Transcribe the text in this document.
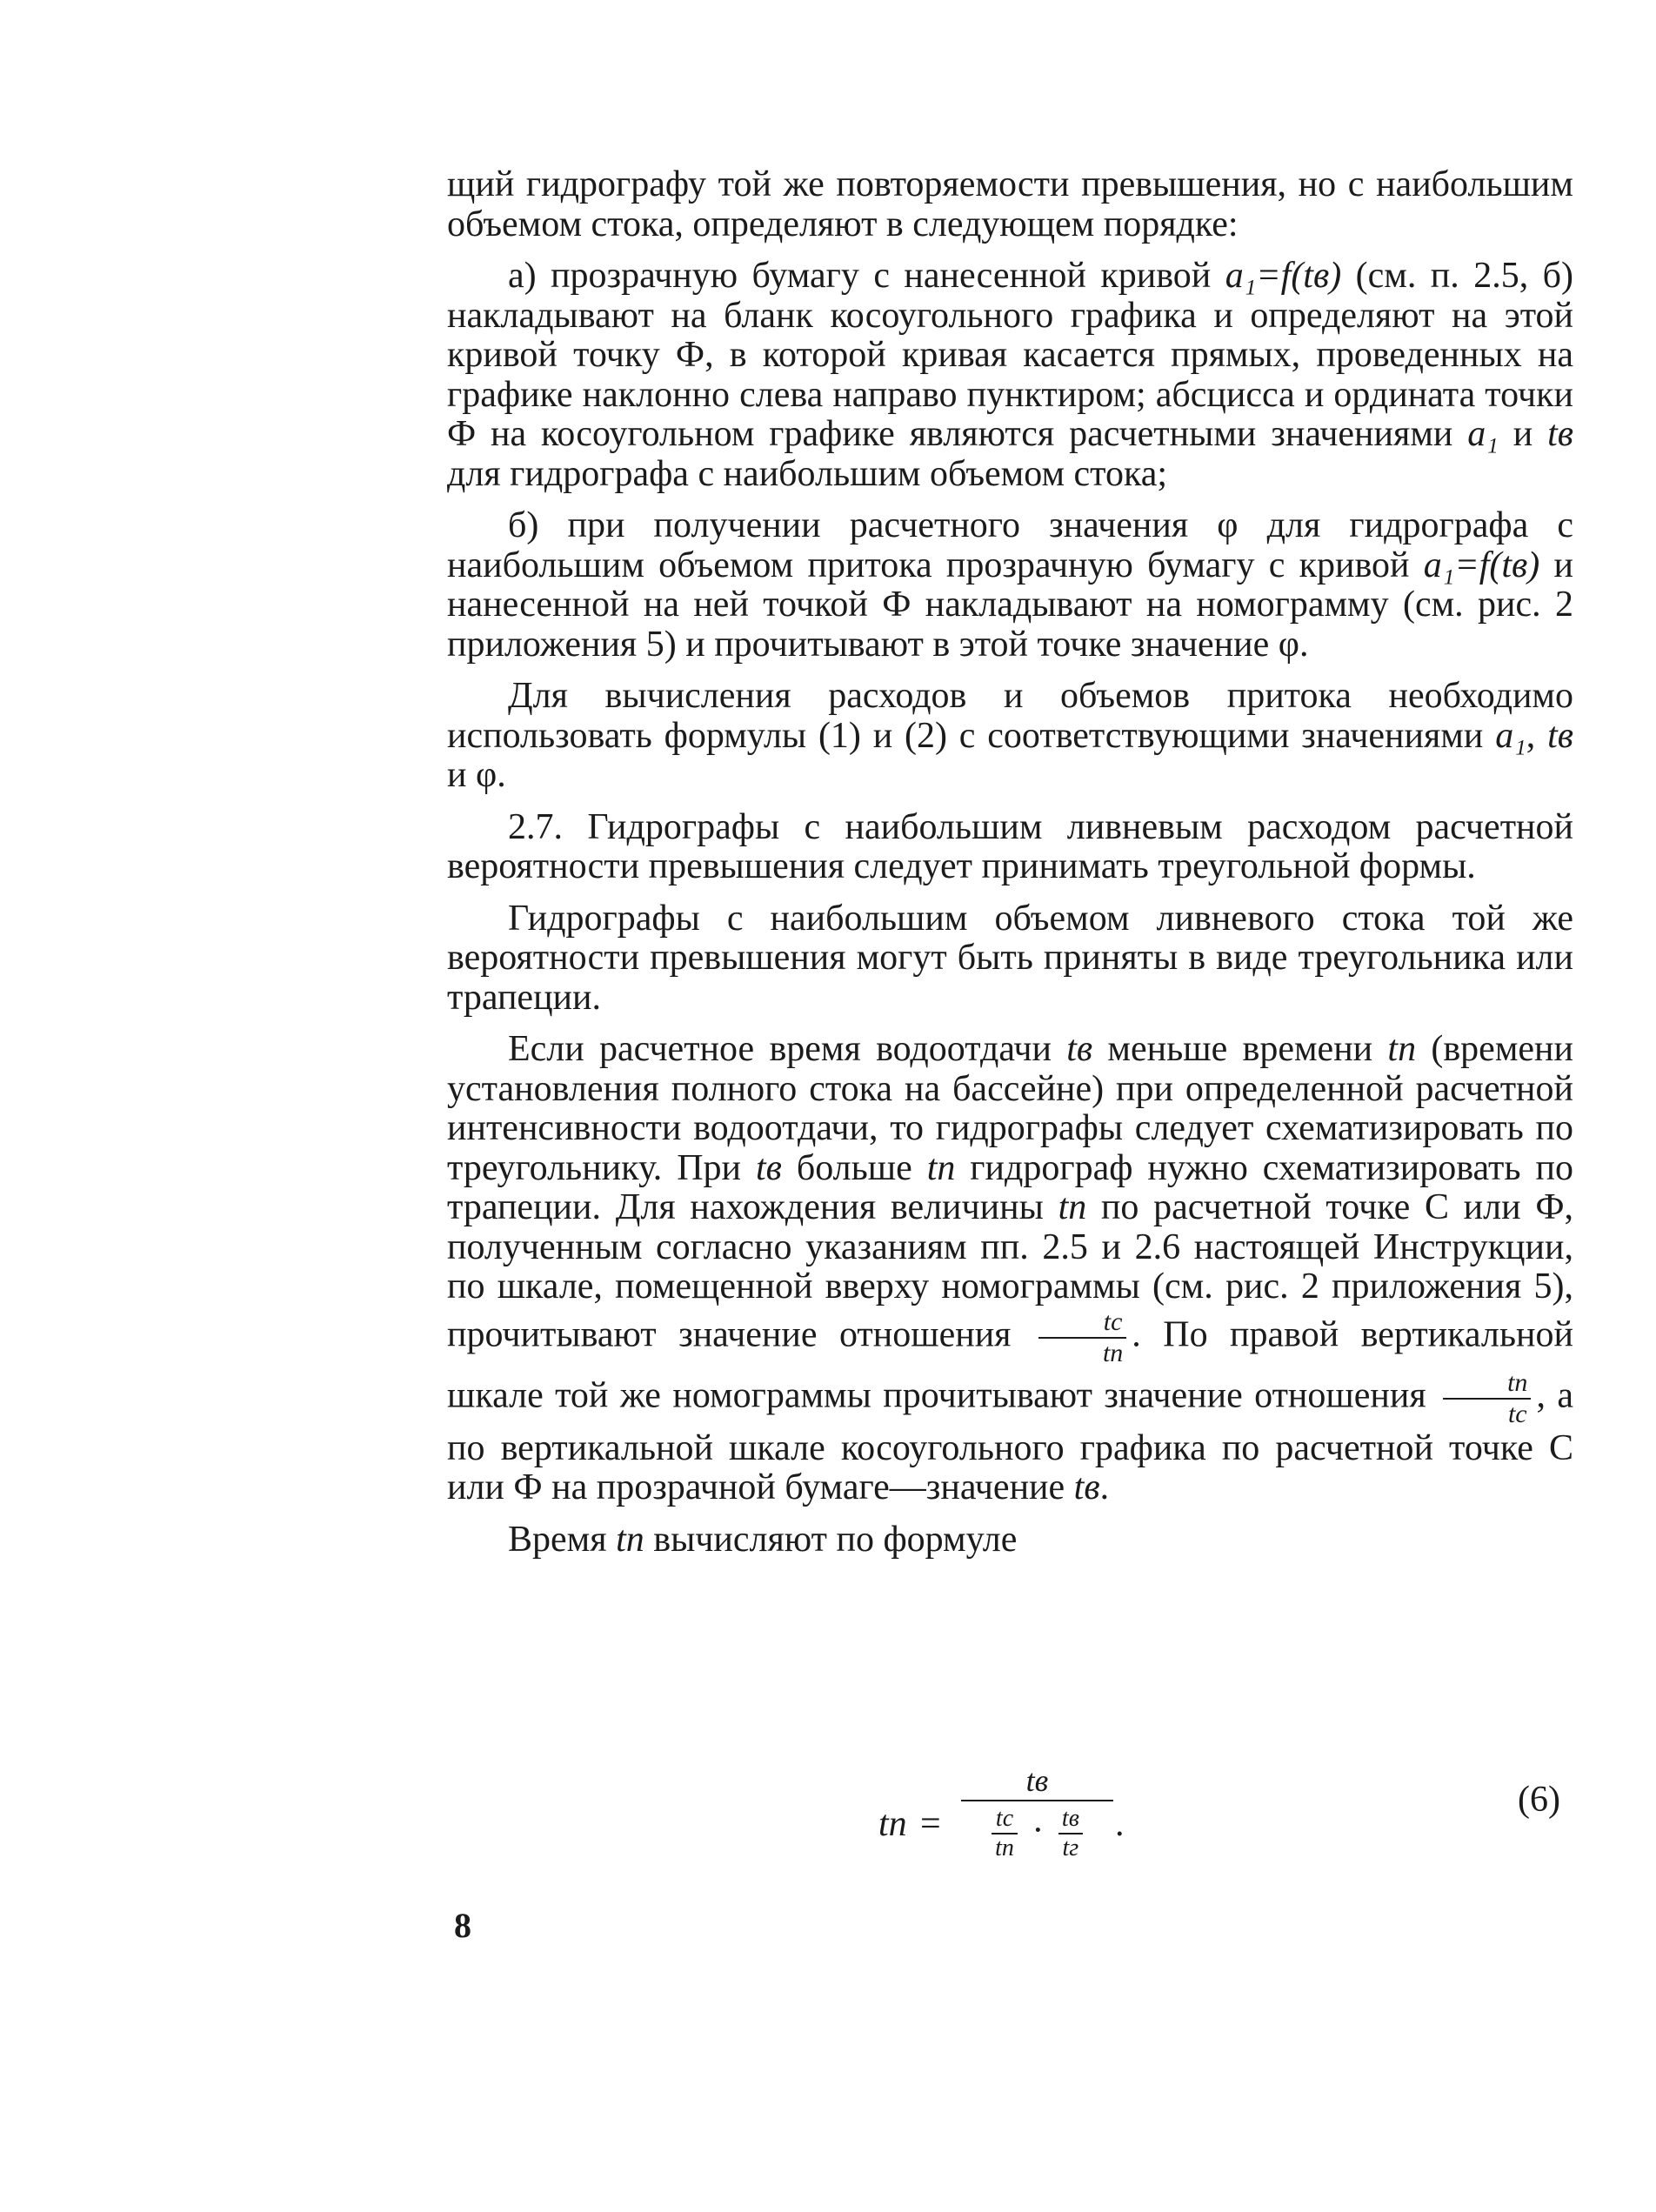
щий гидрографу той же повторяемости превышения, но с наибольшим объемом стока, определяют в следующем порядке:

а) прозрачную бумагу с нанесенной кривой a₁=f(tв) (см. п. 2.5, б) накладывают на бланк косоугольного графика и определяют на этой кривой точку Ф, в которой кривая касается прямых, проведенных на графике наклонно слева направо пунктиром; абсцисса и ордината точки Ф на косоугольном графике являются расчетными значениями a₁ и tв для гидрографа с наибольшим объемом стока;

б) при получении расчетного значения φ для гидрографа с наибольшим объемом притока прозрачную бумагу с кривой a₁=f(tв) и нанесенной на ней точкой Ф накладывают на номограмму (см. рис. 2 приложения 5) и прочитывают в этой точке значение φ.

Для вычисления расходов и объемов притока необходимо использовать формулы (1) и (2) с соответствующими значениями a₁, tв и φ.

2.7. Гидрографы с наибольшим ливневым расходом расчетной вероятности превышения следует принимать треугольной формы.

Гидрографы с наибольшим объемом ливневого стока той же вероятности превышения могут быть приняты в виде треугольника или трапеции.

Если расчетное время водоотдачи tв меньше времени tп (времени установления полного стока на бассейне) при определенной расчетной интенсивности водоотдачи, то гидрографы следует схематизировать по треугольнику. При tв больше tп гидрограф нужно схематизировать по трапеции. Для нахождения величины tп по расчетной точке С или Ф, полученным согласно указаниям пп. 2.5 и 2.6 настоящей Инструкции, по шкале, помещенной вверху номограммы (см. рис. 2 приложения 5), прочитывают значение отношения $\frac{tс}{tп}$ . По правой вертикальной шкале той же номограммы прочитывают значение отношения $\frac{tп}{tс}$ , а по вертикальной шкале косоугольного графика по расчетной точке С или Ф на прозрачной бумаге—значение tв.

Время tп вычисляют по формуле

tп =
tв
$\frac{tс}{tп} \cdot \frac{tв}{tг}$ .
(6)
8
